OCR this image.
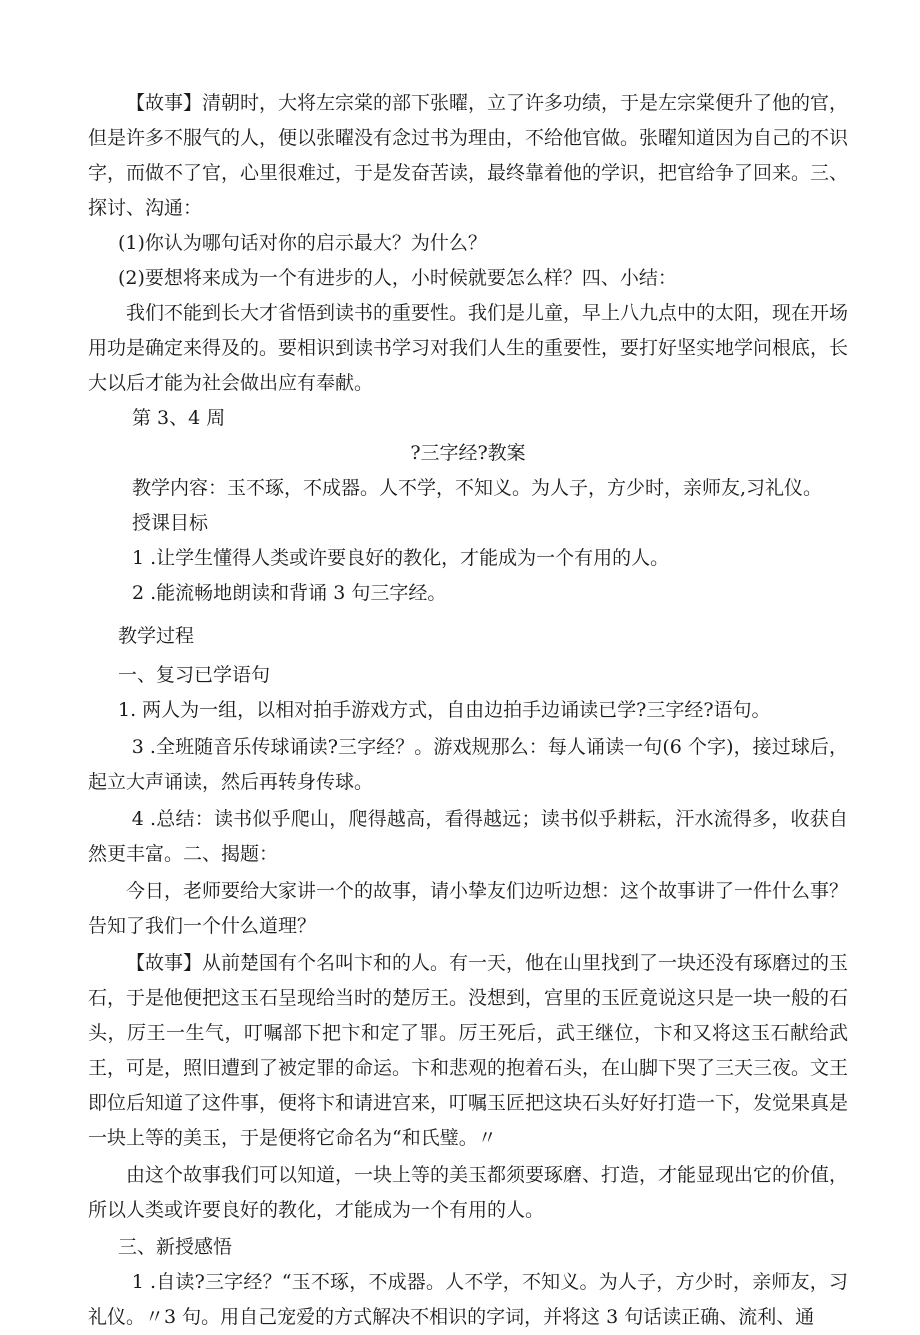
【故事】清朝时，大将左宗棠的部下张曜，立了许多功绩，于是左宗棠便升了他的官，但是许多不服气的人，便以张曜没有念过书为理由，不给他官做。张曜知道因为自己的不识字，而做不了官，心里很难过，于是发奋苦读，最终靠着他的学识，把官给争了回来。三、探讨、沟通：

(1)你认为哪句话对你的启示最大？为什么？

(2)要想将来成为一个有进步的人，小时候就要怎么样？四、小结：

我们不能到长大才省悟到读书的重要性。我们是儿童，早上八九点中的太阳，现在开场用功是确定来得及的。要相识到读书学习对我们人生的重要性，要打好坚实地学问根底，长大以后才能为社会做出应有奉献。

第 3、4 周

?三字经?教案

教学内容：玉不琢，不成器。人不学，不知义。为人子，方少时，亲师友,习礼仪。

授课目标

1 .让学生懂得人类或许要良好的教化，才能成为一个有用的人。

2 .能流畅地朗读和背诵 3 句三字经。

教学过程

一、复习已学语句

1. 两人为一组，以相对拍手游戏方式，自由边拍手边诵读已学?三字经?语句。

3 .全班随音乐传球诵读?三字经？。游戏规那么：每人诵读一句(6 个字)，接过球后，起立大声诵读，然后再转身传球。

4 .总结：读书似乎爬山，爬得越高，看得越远；读书似乎耕耘，汗水流得多，收获自然更丰富。二、揭题：

今日，老师要给大家讲一个的故事，请小挚友们边听边想：这个故事讲了一件什么事？告知了我们一个什么道理？

【故事】从前楚国有个名叫卞和的人。有一天，他在山里找到了一块还没有琢磨过的玉石，于是他便把这玉石呈现给当时的楚厉王。没想到，宫里的玉匠竟说这只是一块一般的石头，厉王一生气，叮嘱部下把卞和定了罪。厉王死后，武王继位，卞和又将这玉石献给武王，可是，照旧遭到了被定罪的命运。卞和悲观的抱着石头，在山脚下哭了三天三夜。文王即位后知道了这件事，便将卞和请进宫来，叮嘱玉匠把这块石头好好打造一下，发觉果真是一块上等的美玉，于是便将它命名为“和氏璧。〃

由这个故事我们可以知道，一块上等的美玉都须要琢磨、打造，才能显现出它的价值，所以人类或许要良好的教化，才能成为一个有用的人。

三、新授感悟

1 .自读?三字经？“玉不琢，不成器。人不学，不知义。为人子，方少时，亲师友，习礼仪。〃3 句。用自己宠爱的方式解决不相识的字词，并将这 3 句话读正确、流利、通
